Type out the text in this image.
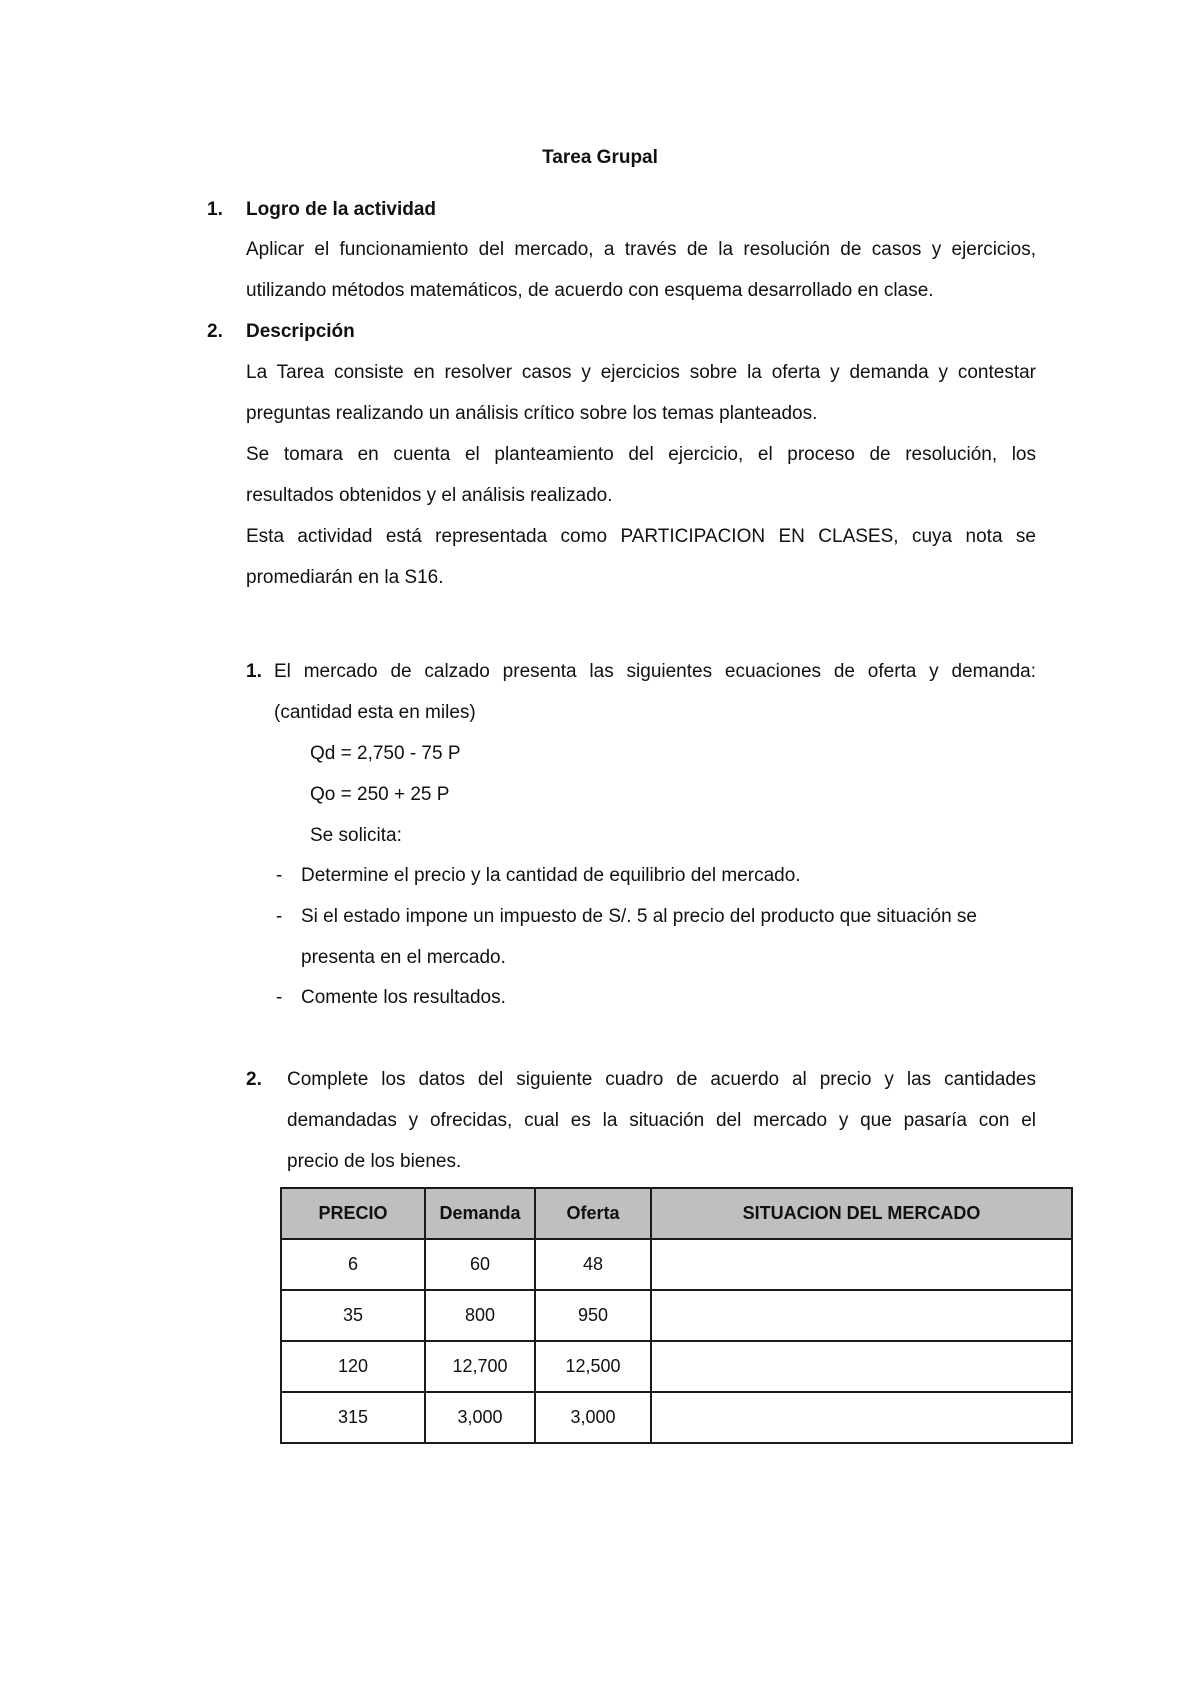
Tarea Grupal
1. Logro de la actividad
Aplicar el funcionamiento del mercado, a través de la resolución de casos y ejercicios,
utilizando métodos matemáticos, de acuerdo con esquema desarrollado en clase.
2. Descripción
La Tarea consiste en resolver casos y ejercicios sobre la oferta y demanda y contestar
preguntas realizando un análisis crítico sobre los temas planteados.
Se tomara en cuenta el planteamiento del ejercicio, el proceso de resolución, los
resultados obtenidos y el análisis realizado.
Esta actividad está representada como PARTICIPACION EN CLASES, cuya nota se
promediarán en la S16.
1. El mercado de calzado presenta las siguientes ecuaciones de oferta y demanda:
(cantidad esta en miles)
Qd = 2,750 - 75 P
Qo = 250 + 25 P
Se solicita:
- Determine el precio y la cantidad de equilibrio del mercado.
- Si el estado impone un impuesto de S/. 5 al precio del producto que situación se
presenta en el mercado.
- Comente los resultados.
2. Complete los datos del siguiente cuadro de acuerdo al precio y las cantidades
demandadas y ofrecidas, cual es la situación del mercado y que pasaría con el
precio de los bienes.
PRECIO	Demanda	Oferta	SITUACION DEL MERCADO
6	60	48	
35	800	950	
120	12,700	12,500	
315	3,000	3,000	
